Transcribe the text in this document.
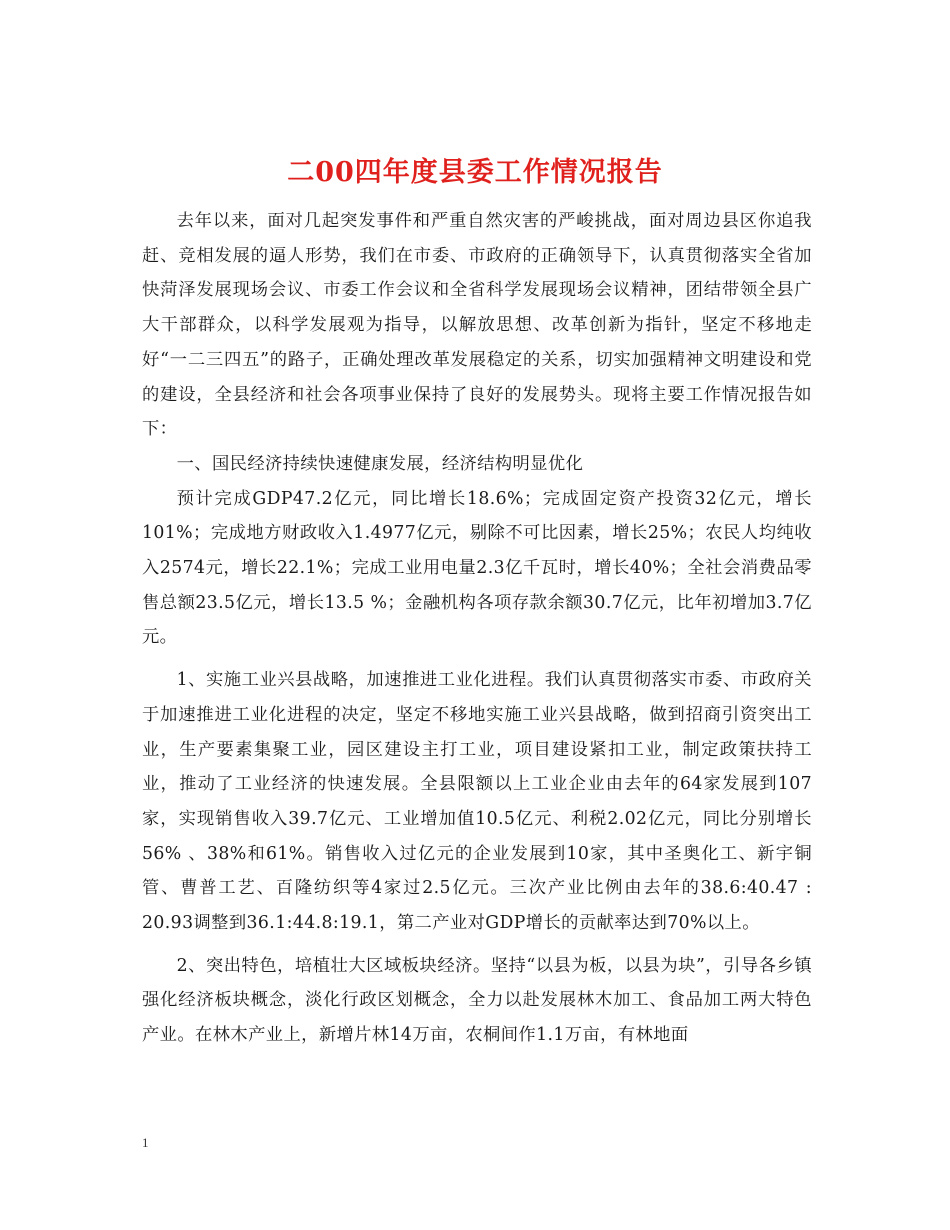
二00四年度县委工作情况报告

去年以来，面对几起突发事件和严重自然灾害的严峻挑战，面对周边县区你追我赶、竞相发展的逼人形势，我们在市委、市政府的正确领导下，认真贯彻落实全省加快菏泽发展现场会议、市委工作会议和全省科学发展现场会议精神，团结带领全县广大干部群众，以科学发展观为指导，以解放思想、改革创新为指针，坚定不移地走好“一二三四五”的路子，正确处理改革发展稳定的关系，切实加强精神文明建设和党的建设，全县经济和社会各项事业保持了良好的发展势头。现将主要工作情况报告如下：

一、国民经济持续快速健康发展，经济结构明显优化

预计完成GDP47.2亿元，同比增长18.6%；完成固定资产投资32亿元，增长101%；完成地方财政收入1.4977亿元，剔除不可比因素，增长25%；农民人均纯收入2574元，增长22.1%；完成工业用电量2.3亿千瓦时，增长40%；全社会消费品零售总额23.5亿元，增长13.5 %；金融机构各项存款余额30.7亿元，比年初增加3.7亿元。

1、实施工业兴县战略，加速推进工业化进程。我们认真贯彻落实市委、市政府关于加速推进工业化进程的决定，坚定不移地实施工业兴县战略，做到招商引资突出工业，生产要素集聚工业，园区建设主打工业，项目建设紧扣工业，制定政策扶持工业，推动了工业经济的快速发展。全县限额以上工业企业由去年的64家发展到107家，实现销售收入39.7亿元、工业增加值10.5亿元、利税2.02亿元，同比分别增长56% 、38%和61%。销售收入过亿元的企业发展到10家，其中圣奥化工、新宇铜管、曹普工艺、百隆纺织等4家过2.5亿元。三次产业比例由去年的38.6:40.47 : 20.93调整到36.1:44.8:19.1，第二产业对GDP增长的贡献率达到70%以上。

2、突出特色，培植壮大区域板块经济。坚持“以县为板，以县为块”，引导各乡镇强化经济板块概念，淡化行政区划概念，全力以赴发展林木加工、食品加工两大特色产业。在林木产业上，新增片林14万亩，农桐间作1.1万亩，有林地面

1
